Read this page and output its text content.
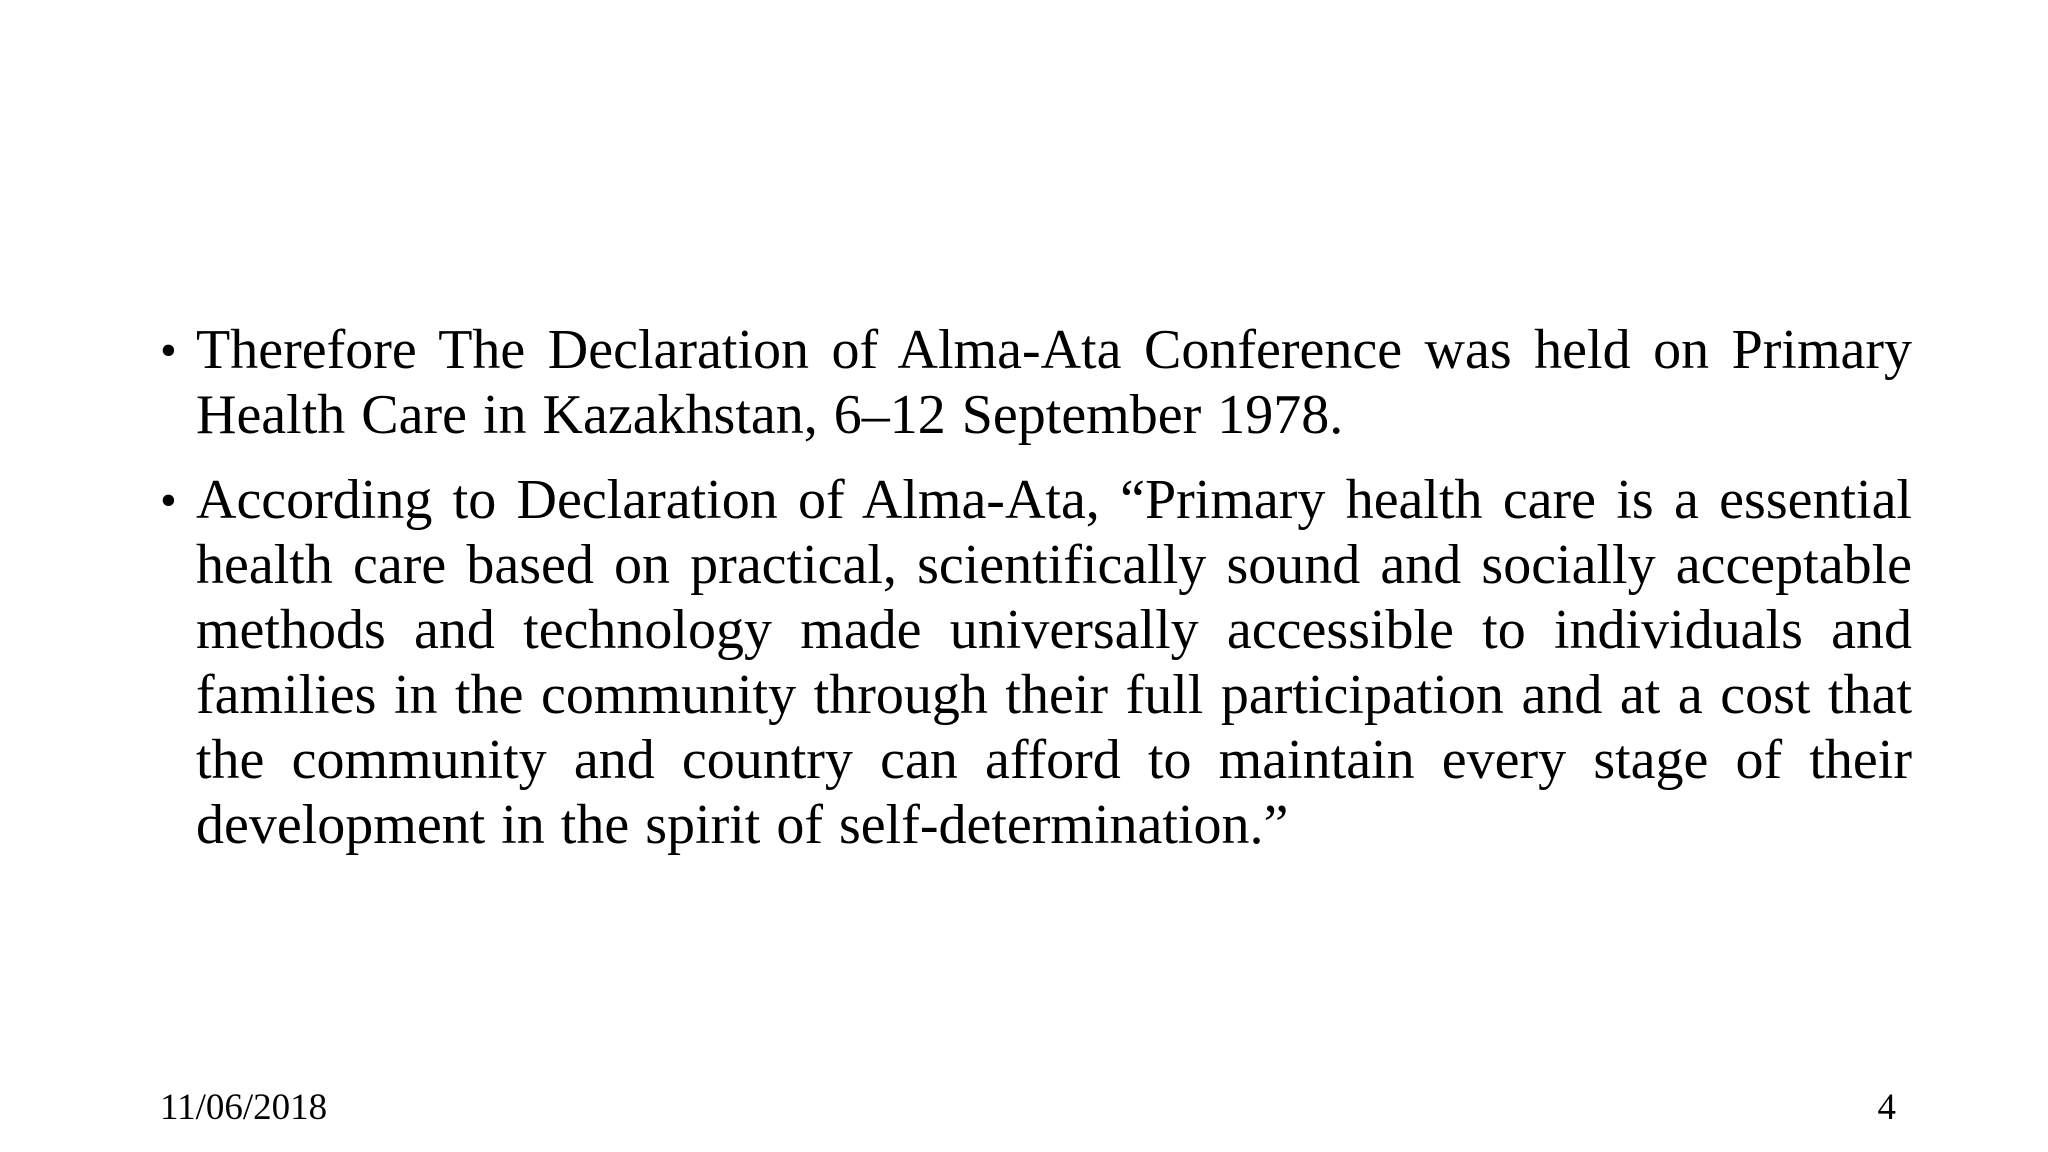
• Therefore The Declaration of Alma-Ata Conference was held on Primary Health Care in Kazakhstan, 6–12 September 1978.
• According to Declaration of Alma-Ata, “Primary health care is a essential health care based on practical, scientifically sound and socially acceptable methods and technology made universally accessible to individuals and families in the community through their full participation and at a cost that the community and country can afford to maintain every stage of their development in the spirit of self-determination.”
11/06/2018	4
